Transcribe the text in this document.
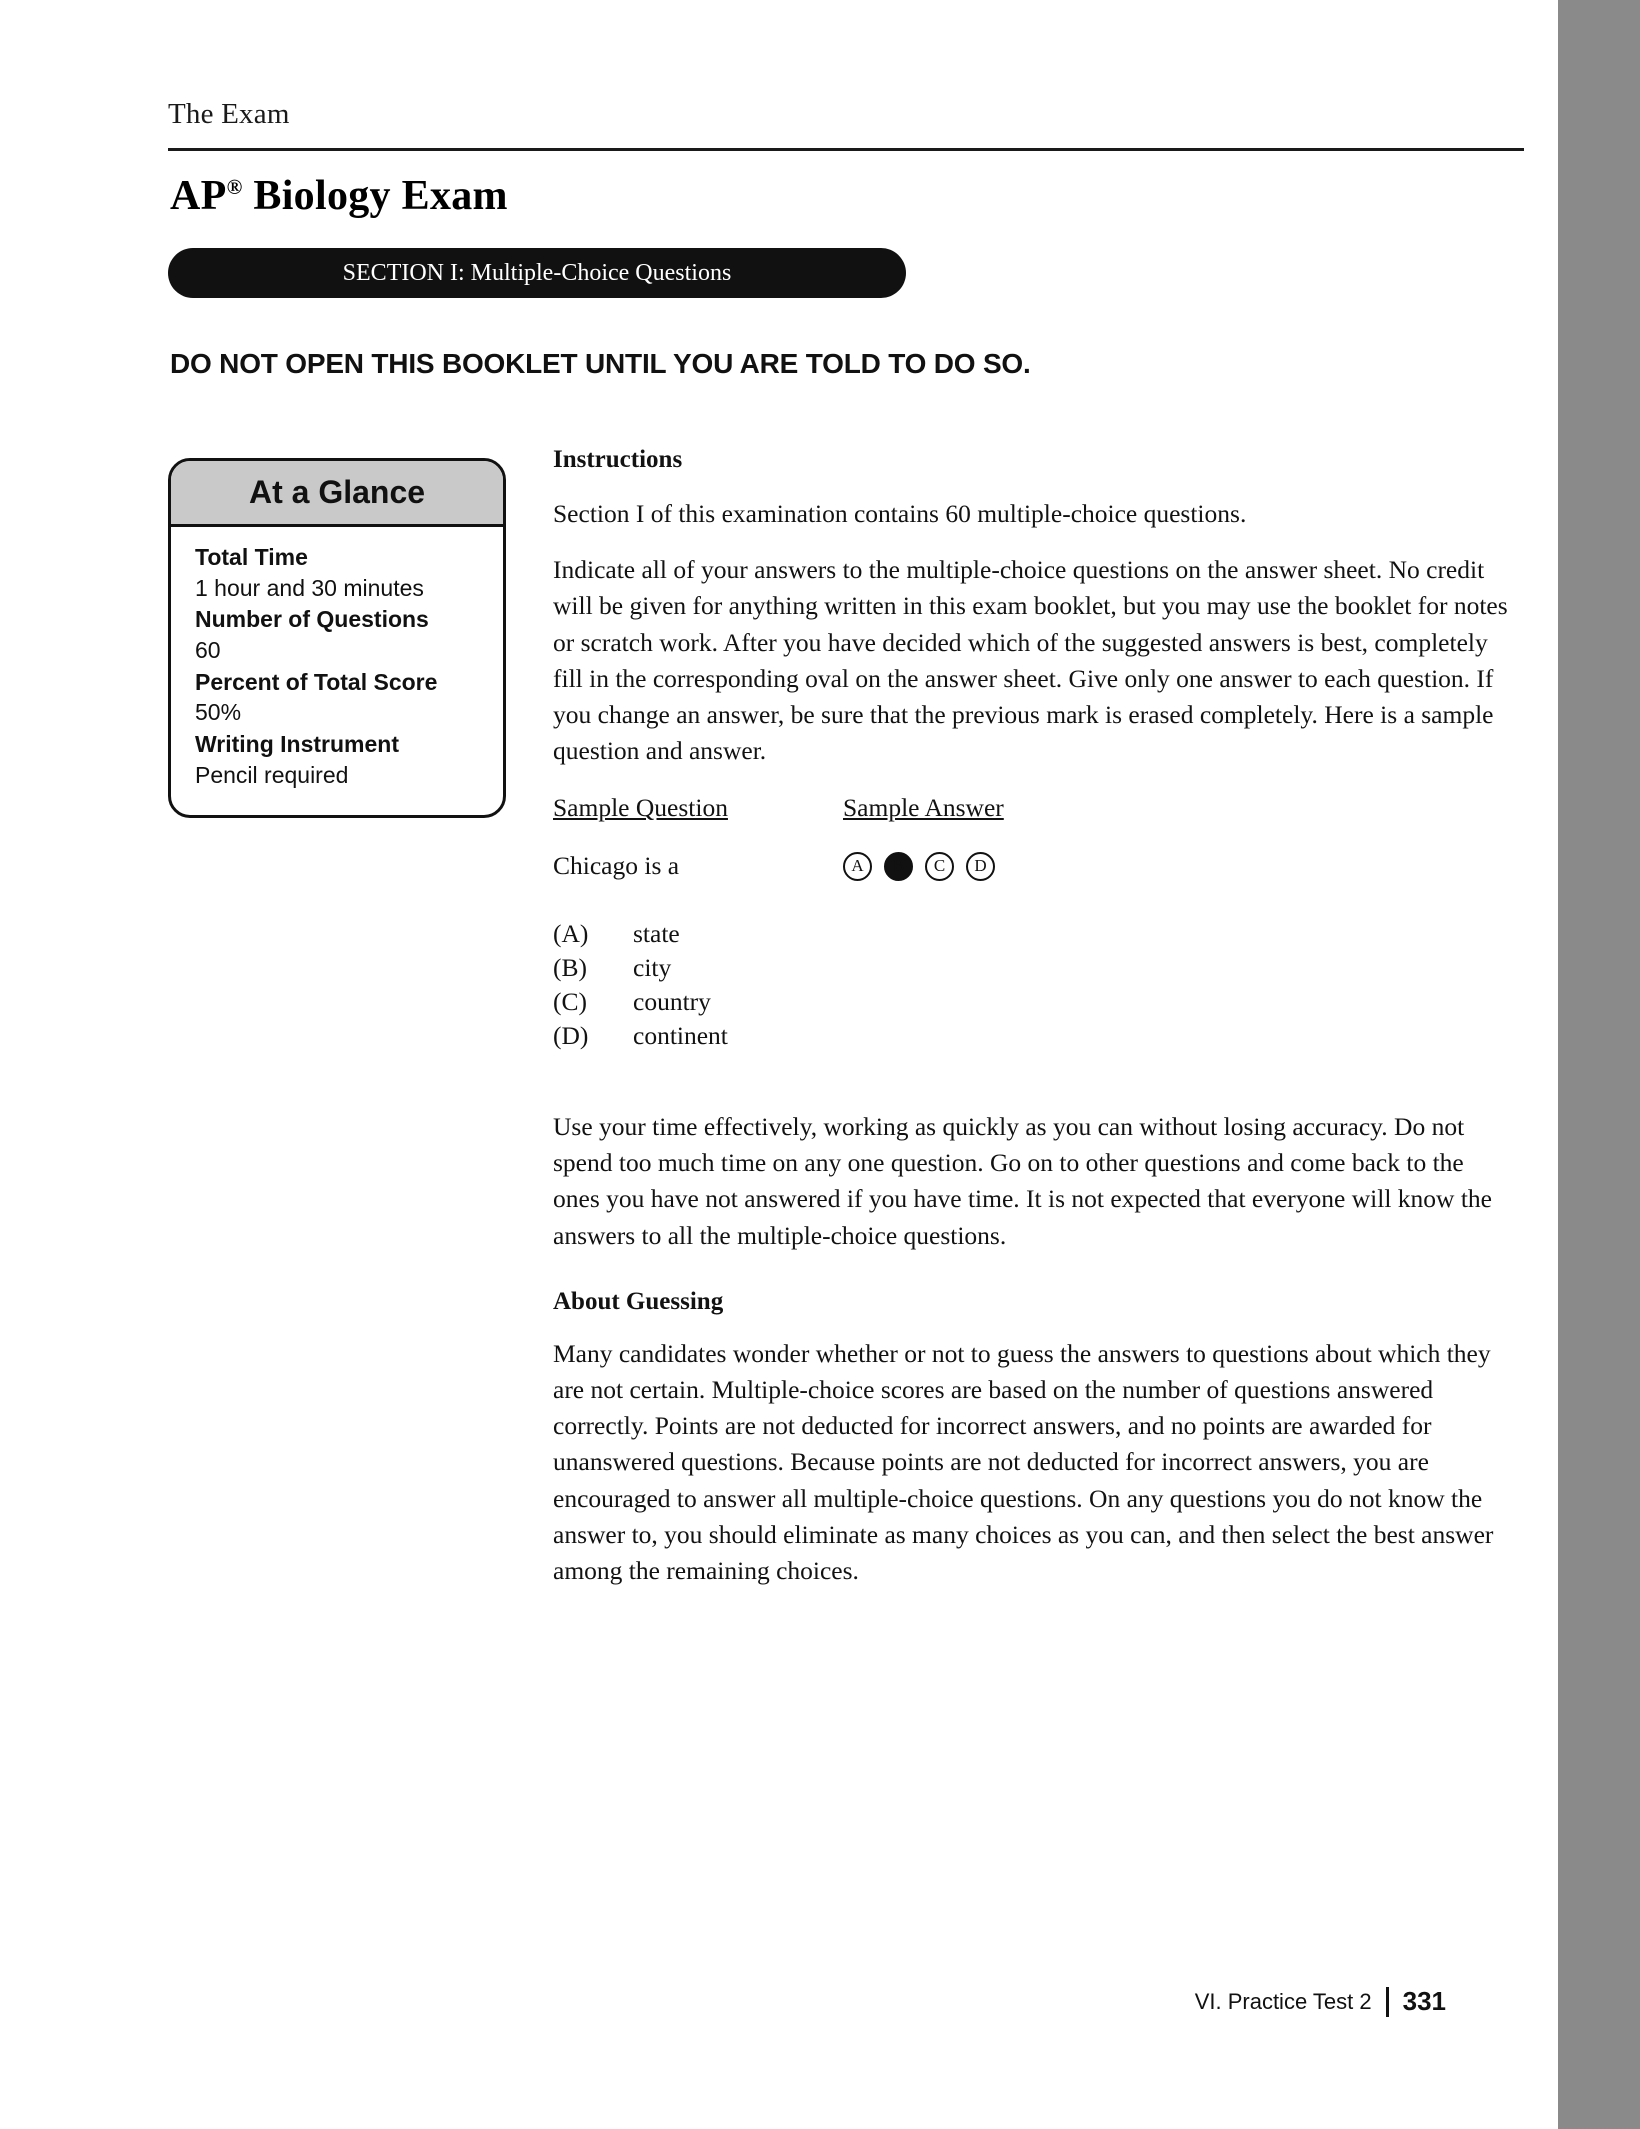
The Exam
AP® Biology Exam
SECTION I: Multiple-Choice Questions
DO NOT OPEN THIS BOOKLET UNTIL YOU ARE TOLD TO DO SO.
At a Glance
Total Time
1 hour and 30 minutes
Number of Questions
60
Percent of Total Score
50%
Writing Instrument
Pencil required
Instructions

Section I of this examination contains 60 multiple-choice questions.

Indicate all of your answers to the multiple-choice questions on the answer sheet. No credit will be given for anything written in this exam booklet, but you may use the booklet for notes or scratch work. After you have decided which of the suggested answers is best, completely fill in the corresponding oval on the answer sheet. Give only one answer to each question. If you change an answer, be sure that the previous mark is erased completely. Here is a sample question and answer.

Sample Question	Sample Answer
Chicago is a	A	B	C	D
(A)	state
(B)	city
(C)	country
(D)	continent

Use your time effectively, working as quickly as you can without losing accuracy. Do not spend too much time on any one question. Go on to other questions and come back to the ones you have not answered if you have time. It is not expected that everyone will know the answers to all the multiple-choice questions.

About Guessing

Many candidates wonder whether or not to guess the answers to questions about which they are not certain. Multiple-choice scores are based on the number of questions answered correctly. Points are not deducted for incorrect answers, and no points are awarded for unanswered questions. Because points are not deducted for incorrect answers, you are encouraged to answer all multiple-choice questions. On any questions you do not know the answer to, you should eliminate as many choices as you can, and then select the best answer among the remaining choices.

VI. Practice Test 2 331
